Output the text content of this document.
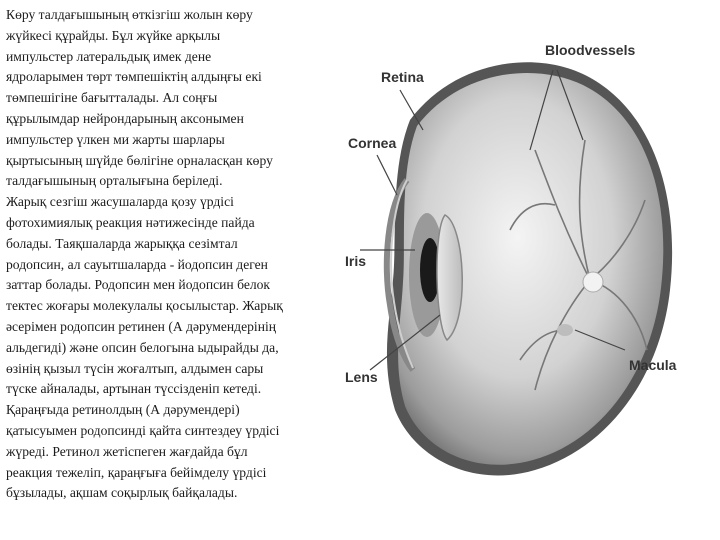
Көру талдағышының өткізгіш жолын көру

жүйкесі құрайды. Бұл жүйке арқылы

импульстер латеральдық имек дене

ядроларымен төрт төмпешіктің алдыңғы екі

төмпешігіне бағытталады. Ал соңғы

құрылымдар нейрондарының аксонымен

импульстер үлкен ми жарты шарлары

қыртысының шүйде бөлігіне орналасқан көру

талдағышының орталығына беріледі.

Жарық сезгіш жасушаларда қозу үрдісі

фотохимиялық реакция нәтижесінде пайда

болады. Таяқшаларда жарыққа сезімтал

родопсин, ал сауытшаларда - йодопсин деген

заттар болады. Родопсин мен йодопсин белок

тектес жоғары молекулалы қосылыстар. Жарық

әсерімен родопсин ретинен (А дәрумендерінің

альдегиді) және опсин белогына ыдырайды да,

өзінің қызыл түсін жоғалтып, алдымен сары

түске айналады, артынан түссізденіп кетеді.

Қараңғыда ретинолдың (А дәрумендері)

қатысуымен родопсинді қайта синтездеу үрдісі

жүреді. Ретинол жетіспеген жағдайда бұл

реакция тежеліп, қараңғыға бейімделу үрдісі

бұзылады, ақшам соқырлық байқалады.

Bloodvessels
Retina
Cornea
Iris
Macula
Lens
